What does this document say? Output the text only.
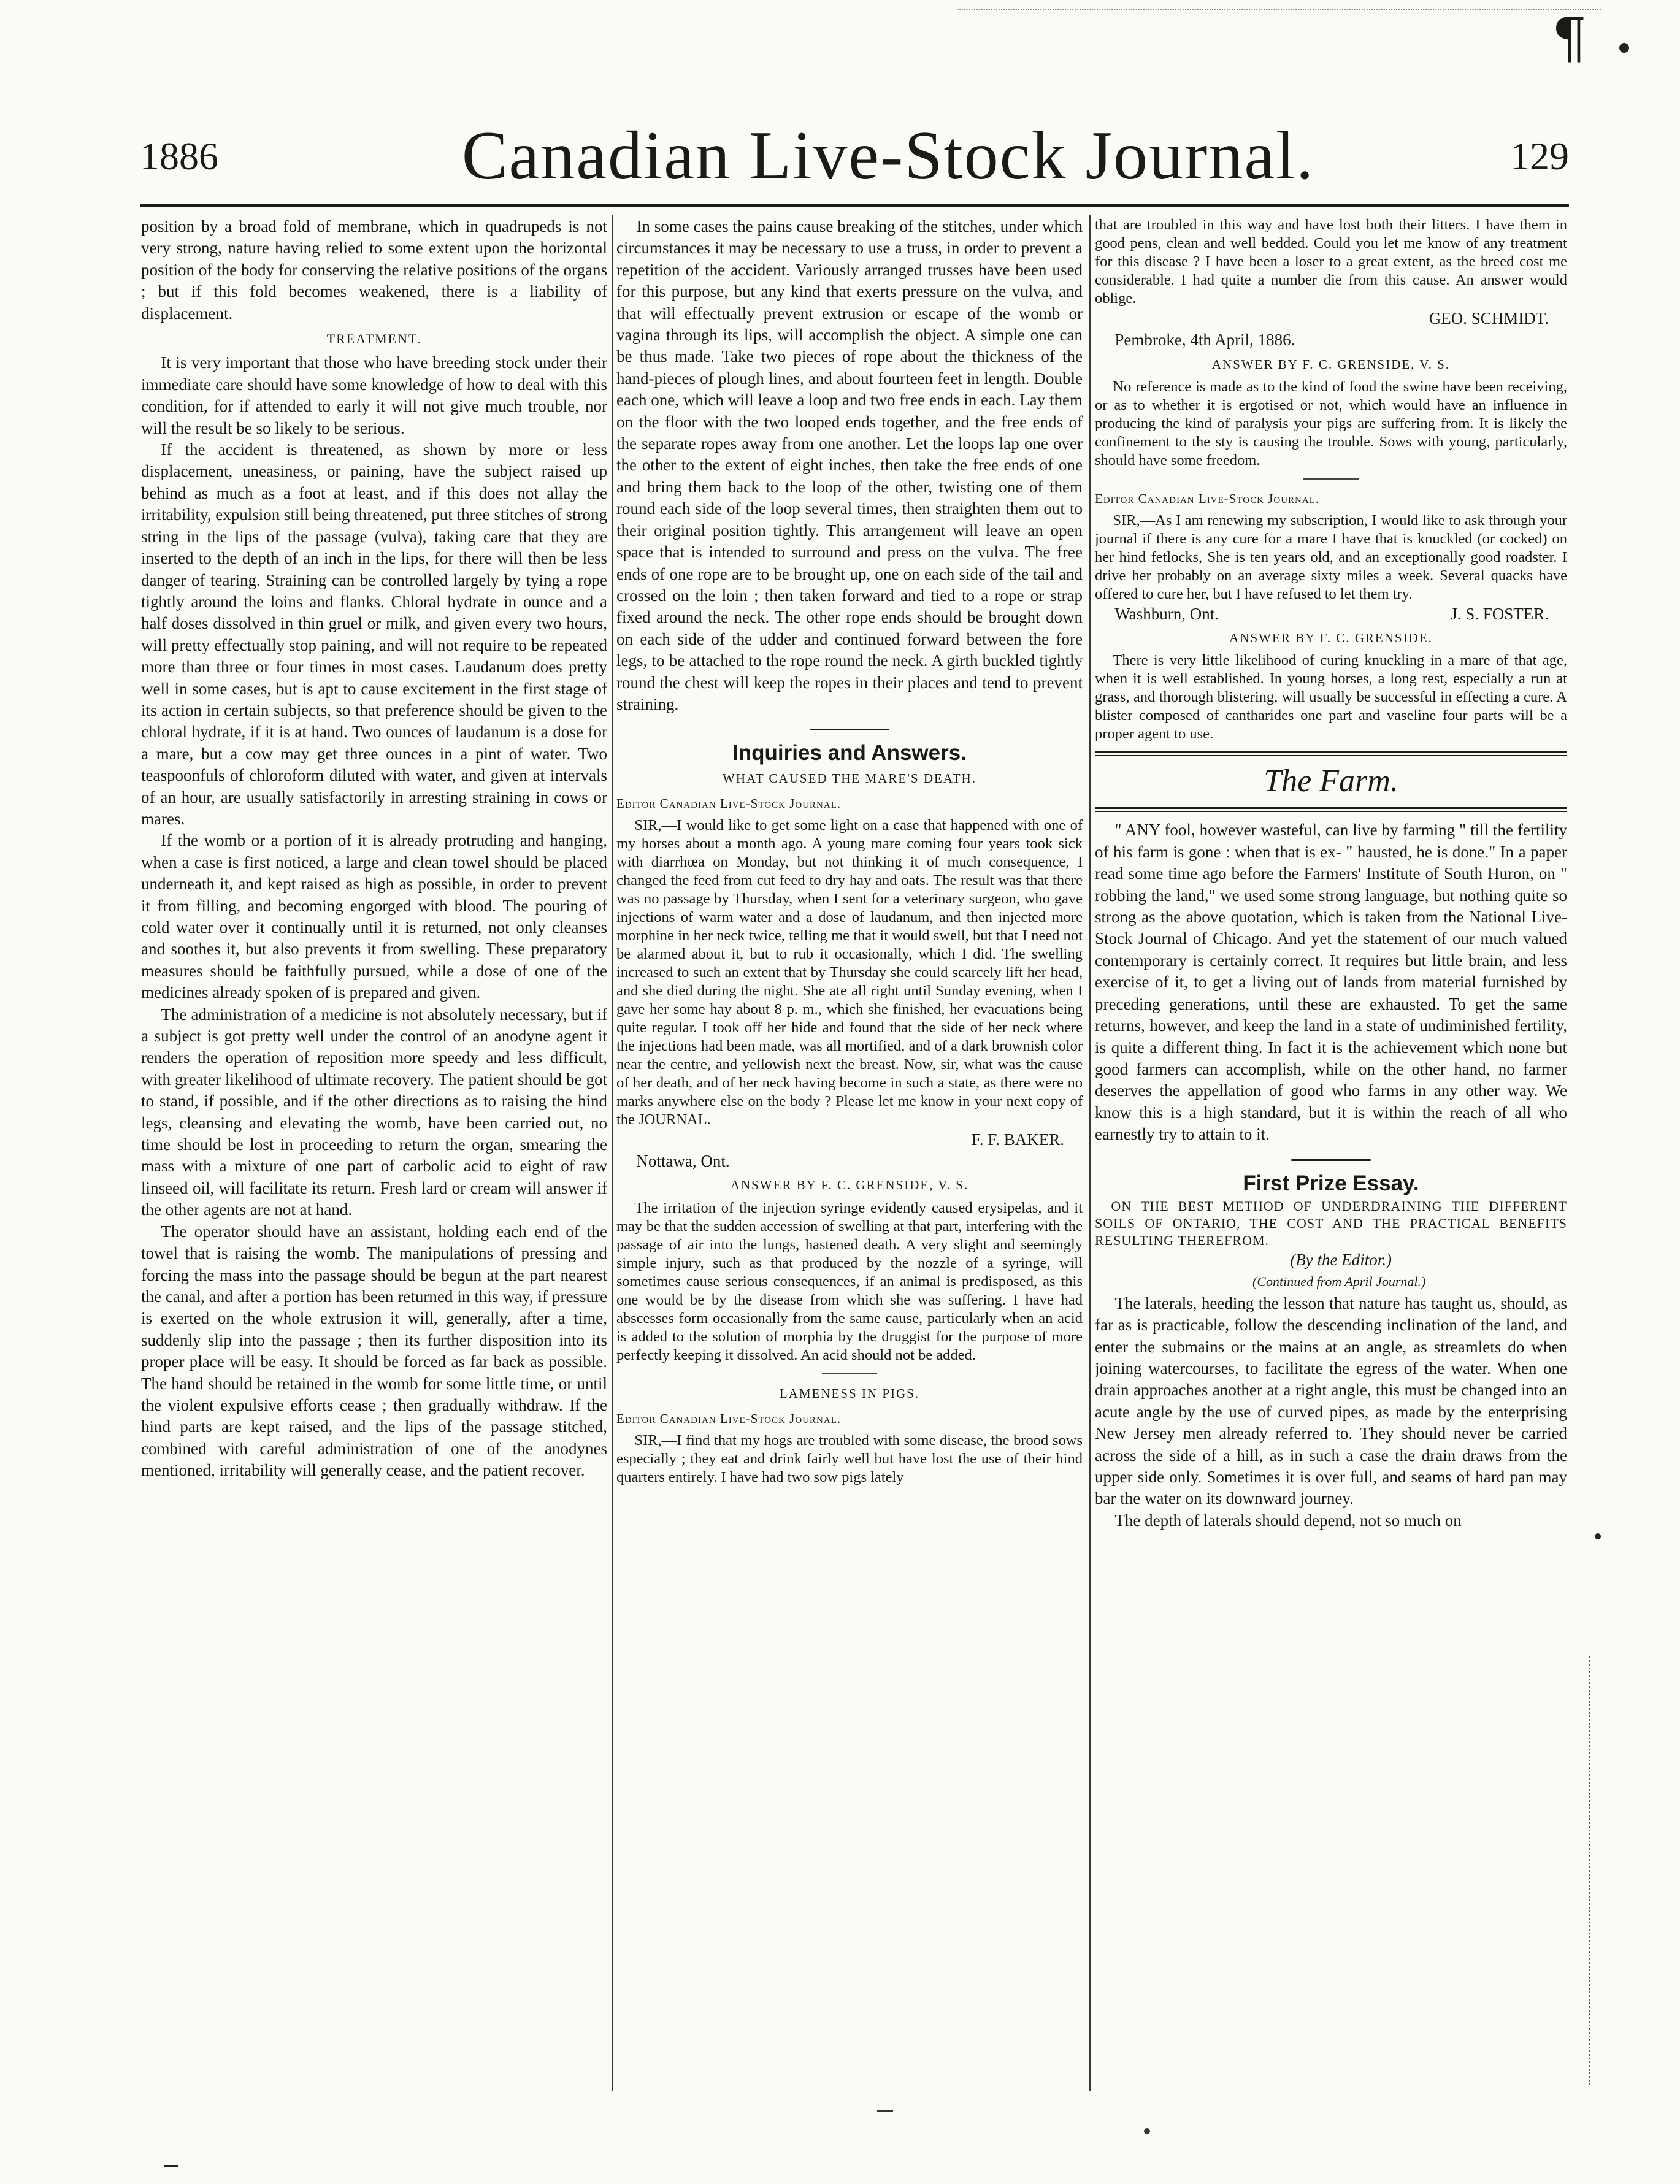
¶
1886	Canadian Live-Stock Journal.	129

position by a broad fold of membrane, which in quadrupeds is not very strong, nature having relied to some extent upon the horizontal position of the body for conserving the relative positions of the organs ; but if this fold becomes weakened, there is a liability of displacement.

TREATMENT.

It is very important that those who have breeding stock under their immediate care should have some knowledge of how to deal with this condition, for if attended to early it will not give much trouble, nor will the result be so likely to be serious.

If the accident is threatened, as shown by more or less displacement, uneasiness, or paining, have the subject raised up behind as much as a foot at least, and if this does not allay the irritability, expulsion still being threatened, put three stitches of strong string in the lips of the passage (vulva), taking care that they are inserted to the depth of an inch in the lips, for there will then be less danger of tearing. Straining can be controlled largely by tying a rope tightly around the loins and flanks. Chloral hydrate in ounce and a half doses dissolved in thin gruel or milk, and given every two hours, will pretty effectually stop paining, and will not require to be repeated more than three or four times in most cases. Laudanum does pretty well in some cases, but is apt to cause excitement in the first stage of its action in certain subjects, so that preference should be given to the chloral hydrate, if it is at hand. Two ounces of laudanum is a dose for a mare, but a cow may get three ounces in a pint of water. Two teaspoonfuls of chloroform diluted with water, and given at intervals of an hour, are usually satisfactorily in arresting straining in cows or mares.

If the womb or a portion of it is already protruding and hanging, when a case is first noticed, a large and clean towel should be placed underneath it, and kept raised as high as possible, in order to prevent it from filling, and becoming engorged with blood. The pouring of cold water over it continually until it is returned, not only cleanses and soothes it, but also prevents it from swelling. These preparatory measures should be faithfully pursued, while a dose of one of the medicines already spoken of is prepared and given.

The administration of a medicine is not absolutely necessary, but if a subject is got pretty well under the control of an anodyne agent it renders the operation of reposition more speedy and less difficult, with greater likelihood of ultimate recovery. The patient should be got to stand, if possible, and if the other directions as to raising the hind legs, cleansing and elevating the womb, have been carried out, no time should be lost in proceeding to return the organ, smearing the mass with a mixture of one part of carbolic acid to eight of raw linseed oil, will facilitate its return. Fresh lard or cream will answer if the other agents are not at hand.

The operator should have an assistant, holding each end of the towel that is raising the womb. The manipulations of pressing and forcing the mass into the passage should be begun at the part nearest the canal, and after a portion has been returned in this way, if pressure is exerted on the whole extrusion it will, generally, after a time, suddenly slip into the passage ; then its further disposition into its proper place will be easy. It should be forced as far back as possible. The hand should be retained in the womb for some little time, or until the violent expulsive efforts cease ; then gradually withdraw. If the hind parts are kept raised, and the lips of the passage stitched, combined with careful administration of one of the anodynes mentioned, irritability will generally cease, and the patient recover.

In some cases the pains cause breaking of the stitches, under which circumstances it may be necessary to use a truss, in order to prevent a repetition of the accident. Variously arranged trusses have been used for this purpose, but any kind that exerts pressure on the vulva, and that will effectually prevent extrusion or escape of the womb or vagina through its lips, will accomplish the object. A simple one can be thus made. Take two pieces of rope about the thickness of the hand-pieces of plough lines, and about fourteen feet in length. Double each one, which will leave a loop and two free ends in each. Lay them on the floor with the two looped ends together, and the free ends of the separate ropes away from one another. Let the loops lap one over the other to the extent of eight inches, then take the free ends of one and bring them back to the loop of the other, twisting one of them round each side of the loop several times, then straighten them out to their original position tightly. This arrangement will leave an open space that is intended to surround and press on the vulva. The free ends of one rope are to be brought up, one on each side of the tail and crossed on the loin ; then taken forward and tied to a rope or strap fixed around the neck. The other rope ends should be brought down on each side of the udder and continued forward between the fore legs, to be attached to the rope round the neck. A girth buckled tightly round the chest will keep the ropes in their places and tend to prevent straining.

Inquiries and Answers.
WHAT CAUSED THE MARE'S DEATH.
Editor Canadian Live-Stock Journal.

SIR,—I would like to get some light on a case that happened with one of my horses about a month ago. A young mare coming four years took sick with diarrhœa on Monday, but not thinking it of much consequence, I changed the feed from cut feed to dry hay and oats. The result was that there was no passage by Thursday, when I sent for a veterinary surgeon, who gave injections of warm water and a dose of laudanum, and then injected more morphine in her neck twice, telling me that it would swell, but that I need not be alarmed about it, but to rub it occasionally, which I did. The swelling increased to such an extent that by Thursday she could scarcely lift her head, and she died during the night. She ate all right until Sunday evening, when I gave her some hay about 8 p. m., which she finished, her evacuations being quite regular. I took off her hide and found that the side of her neck where the injections had been made, was all mortified, and of a dark brownish color near the centre, and yellowish next the breast. Now, sir, what was the cause of her death, and of her neck having become in such a state, as there were no marks anywhere else on the body ? Please let me know in your next copy of the JOURNAL.

F. F. BAKER.

Nottawa, Ont.

ANSWER BY F. C. GRENSIDE, V. S.

The irritation of the injection syringe evidently caused erysipelas, and it may be that the sudden accession of swelling at that part, interfering with the passage of air into the lungs, hastened death. A very slight and seemingly simple injury, such as that produced by the nozzle of a syringe, will sometimes cause serious consequences, if an animal is predisposed, as this one would be by the disease from which she was suffering. I have had abscesses form occasionally from the same cause, particularly when an acid is added to the solution of morphia by the druggist for the purpose of more perfectly keeping it dissolved. An acid should not be added.

LAMENESS IN PIGS.
Editor Canadian Live-Stock Journal.

SIR,—I find that my hogs are troubled with some disease, the brood sows especially ; they eat and drink fairly well but have lost the use of their hind quarters entirely. I have had two sow pigs lately

that are troubled in this way and have lost both their litters. I have them in good pens, clean and well bedded. Could you let me know of any treatment for this disease ? I have been a loser to a great extent, as the breed cost me considerable. I had quite a number die from this cause. An answer would oblige.

GEO. SCHMIDT.

Pembroke, 4th April, 1886.

ANSWER BY F. C. GRENSIDE, V. S.

No reference is made as to the kind of food the swine have been receiving, or as to whether it is ergotised or not, which would have an influence in producing the kind of paralysis your pigs are suffering from. It is likely the confinement to the sty is causing the trouble. Sows with young, particularly, should have some freedom.

Editor Canadian Live-Stock Journal.

SIR,—As I am renewing my subscription, I would like to ask through your journal if there is any cure for a mare I have that is knuckled (or cocked) on her hind fetlocks, She is ten years old, and an exceptionally good roadster. I drive her probably on an average sixty miles a week. Several quacks have offered to cure her, but I have refused to let them try.

Washburn, Ont.	J. S. FOSTER.

ANSWER BY F. C. GRENSIDE.

There is very little likelihood of curing knuckling in a mare of that age, when it is well established. In young horses, a long rest, especially a run at grass, and thorough blistering, will usually be successful in effecting a cure. A blister composed of cantharides one part and vaseline four parts will be a proper agent to use.

The Farm.

" ANY fool, however wasteful, can live by farming " till the fertility of his farm is gone : when that is ex- " hausted, he is done." In a paper read some time ago before the Farmers' Institute of South Huron, on " robbing the land," we used some strong language, but nothing quite so strong as the above quotation, which is taken from the National Live-Stock Journal of Chicago. And yet the statement of our much valued contemporary is certainly correct. It requires but little brain, and less exercise of it, to get a living out of lands from material furnished by preceding generations, until these are exhausted. To get the same returns, however, and keep the land in a state of undiminished fertility, is quite a different thing. In fact it is the achievement which none but good farmers can accomplish, while on the other hand, no farmer deserves the appellation of good who farms in any other way. We know this is a high standard, but it is within the reach of all who earnestly try to attain to it.

First Prize Essay.

ON THE BEST METHOD OF UNDERDRAINING THE DIFFERENT SOILS OF ONTARIO, THE COST AND THE PRACTICAL BENEFITS RESULTING THEREFROM.

(By the Editor.)

(Continued from April Journal.)

The laterals, heeding the lesson that nature has taught us, should, as far as is practicable, follow the descending inclination of the land, and enter the submains or the mains at an angle, as streamlets do when joining watercourses, to facilitate the egress of the water. When one drain approaches another at a right angle, this must be changed into an acute angle by the use of curved pipes, as made by the enterprising New Jersey men already referred to. They should never be carried across the side of a hill, as in such a case the drain draws from the upper side only. Sometimes it is over full, and seams of hard pan may bar the water on its downward journey.

The depth of laterals should depend, not so much on
